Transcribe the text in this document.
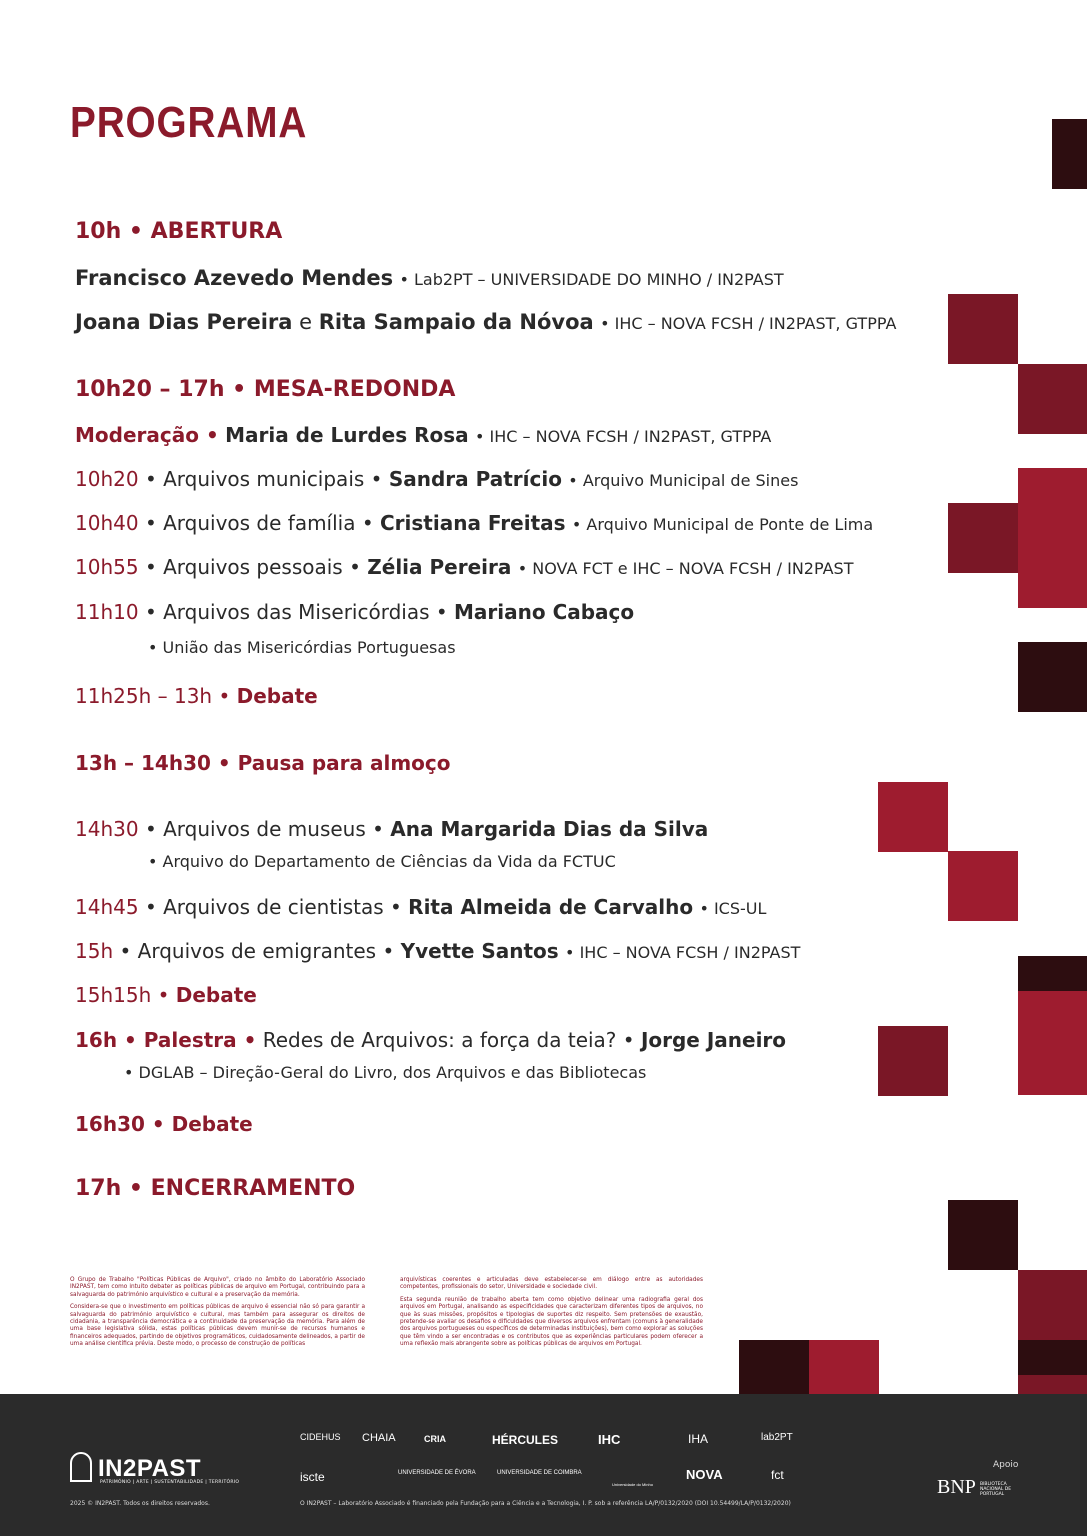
PROGRAMA
10h • ABERTURA
Francisco Azevedo Mendes • Lab2PT – UNIVERSIDADE DO MINHO / IN2PAST
Joana Dias Pereira e Rita Sampaio da Nóvoa • IHC – NOVA FCSH / IN2PAST, GTPPA
10h20 – 17h • MESA-REDONDA
Moderação • Maria de Lurdes Rosa • IHC – NOVA FCSH / IN2PAST, GTPPA
10h20 • Arquivos municipais • Sandra Patrício • Arquivo Municipal de Sines
10h40 • Arquivos de família • Cristiana Freitas • Arquivo Municipal de Ponte de Lima
10h55 • Arquivos pessoais • Zélia Pereira • NOVA FCT e IHC – NOVA FCSH / IN2PAST
11h10 • Arquivos das Misericórdias • Mariano Cabaço
• União das Misericórdias Portuguesas
11h25h – 13h • Debate
13h – 14h30 • Pausa para almoço
14h30 • Arquivos de museus • Ana Margarida Dias da Silva
• Arquivo do Departamento de Ciências da Vida da FCTUC
14h45 • Arquivos de cientistas • Rita Almeida de Carvalho • ICS-UL
15h • Arquivos de emigrantes • Yvette Santos • IHC – NOVA FCSH / IN2PAST
15h15h • Debate
16h • Palestra • Redes de Arquivos: a força da teia? • Jorge Janeiro
• DGLAB – Direção-Geral do Livro, dos Arquivos e das Bibliotecas
16h30 • Debate
17h • ENCERRAMENTO

O Grupo de Trabalho "Políticas Públicas de Arquivo", criado no âmbito do Laboratório Associado IN2PAST, tem como intuito debater as políticas públicas de arquivo em Portugal, contribuindo para a salvaguarda do património arquivístico e cultural e a preservação da memória.

Considera-se que o investimento em políticas públicas de arquivo é essencial não só para garantir a salvaguarda do património arquivístico e cultural, mas também para assegurar os direitos de cidadania, a transparência democrática e a continuidade da preservação da memória. Para além de uma base legislativa sólida, estas políticas públicas devem munir-se de recursos humanos e financeiros adequados, partindo de objetivos programáticos, cuidadosamente delineados, a partir de uma análise científica prévia. Deste modo, o processo de construção de políticas

arquivísticas coerentes e articuladas deve estabelecer-se em diálogo entre as autoridades competentes, profissionais do setor, Universidade e sociedade civil.

Esta segunda reunião de trabalho aberta tem como objetivo delinear uma radiografia geral dos arquivos em Portugal, analisando as especificidades que caracterizam diferentes tipos de arquivos, no que às suas missões, propósitos e tipologias de suportes diz respeito. Sem pretensões de exaustão, pretende-se avaliar os desafios e dificuldades que diversos arquivos enfrentam (comuns à generalidade dos arquivos portugueses ou específicos de determinadas instituições), bem como explorar as soluções que têm vindo a ser encontradas e os contributos que as experiências particulares podem oferecer a uma reflexão mais abrangente sobre as políticas públicas de arquivos em Portugal.

IN2PAST
PATRIMÓNIO | ARTE | SUSTENTABILIDADE | TERRITÓRIO
2025 © IN2PAST. Todos os direitos reservados.
CIDEHUS CHAIA	CRIA	HÉRCULES	IHC	IHA	lab2PT
iscte	UNIVERSIDADE DE ÉVORA	UNIVERSIDADE DE COIMBRA
Universidade do Minho
NOVA	fct
O IN2PAST – Laboratório Associado é financiado pela Fundação para a Ciência e a Tecnologia, I. P. sob a referência LA/P/0132/2020 (DOI 10.54499/LA/P/0132/2020)
Apoio
BNP BIBLIOTECA NACIONAL DE PORTUGAL
